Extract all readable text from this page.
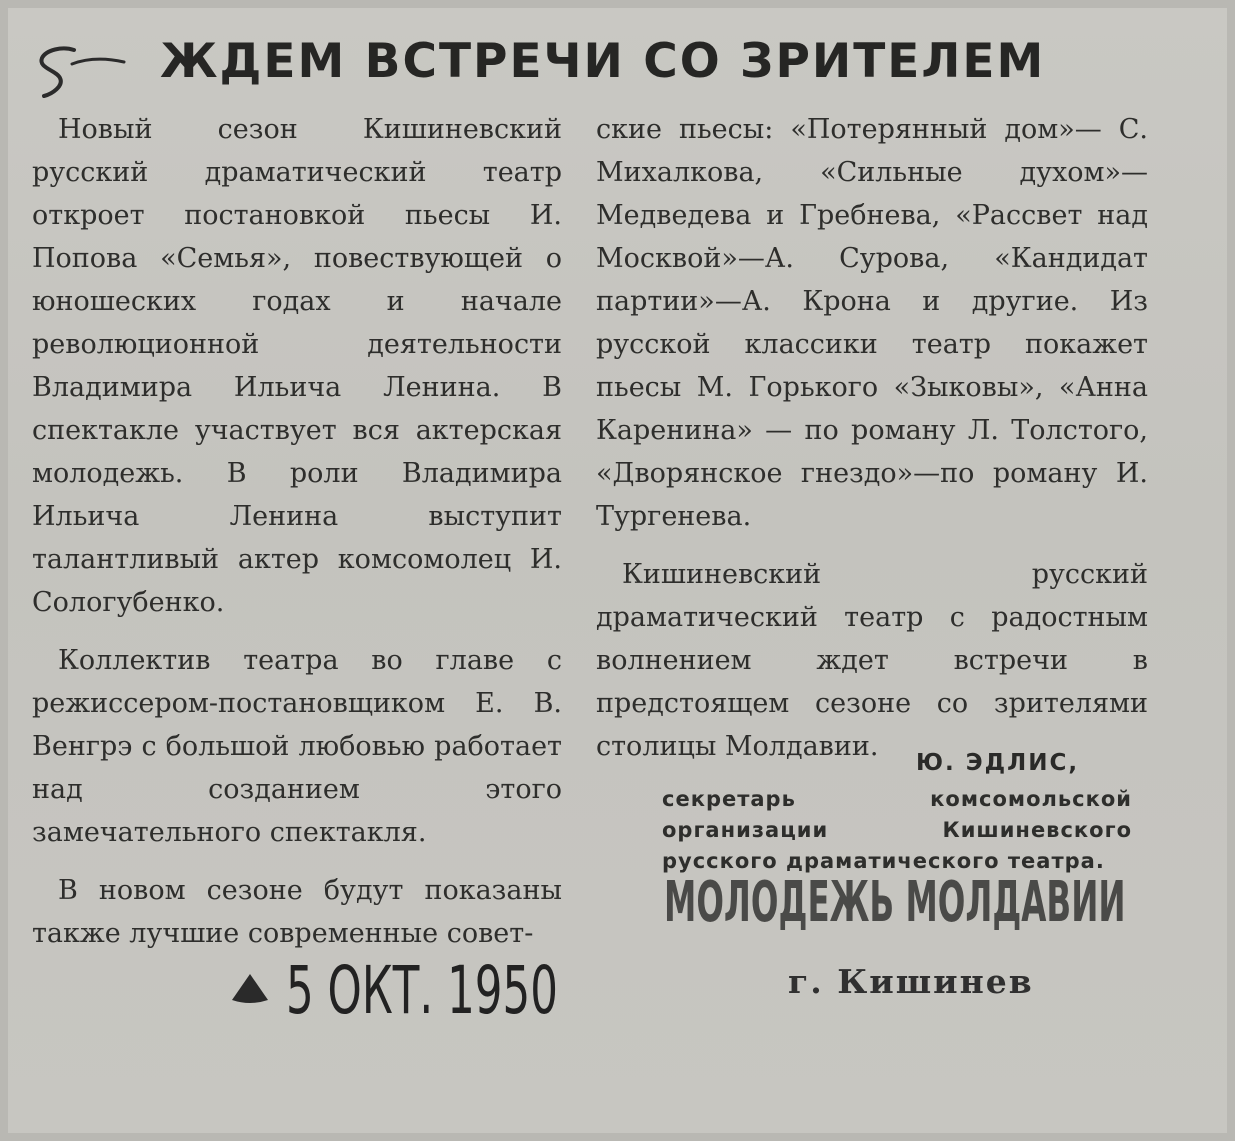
ЖДЕМ ВСТРЕЧИ СО ЗРИТЕЛЕМ

Новый сезон Кишиневский русский драматический театр откроет постановкой пьесы И. Попова «Семья», повествующей о юношеских годах и начале революционной деятельности Владимира Ильича Ленина. В спектакле участвует вся актерская молодежь. В роли Владимира Ильича Ленина выступит талантливый актер комсомолец И. Сологубенко.

Коллектив театра во главе с режиссером-постановщиком Е. В. Венгрэ с большой любовью работает над созданием этого замечательного спектакля.

В новом сезоне будут показаны также лучшие современные совет-

ские пьесы: «Потерянный дом»— С. Михалкова, «Сильные духом»— Медведева и Гребнева, «Рассвет над Москвой»—А. Сурова, «Кандидат партии»—А. Крона и другие. Из русской классики театр покажет пьесы М. Горького «Зыковы», «Анна Каренина» — по роману Л. Толстого, «Дворянское гнездо»—по роману И. Тургенева.

Кишиневский русский драматический театр с радостным волнением ждет встречи в предстоящем сезоне со зрителями столицы Молдавии.

Ю. ЭДЛИС,
секретарь комсомольской организации Кишиневского русского драматического театра.
МОЛОДЕЖЬ МОЛДАВИИ
г. Кишинев
5 ОКТ. 1950
